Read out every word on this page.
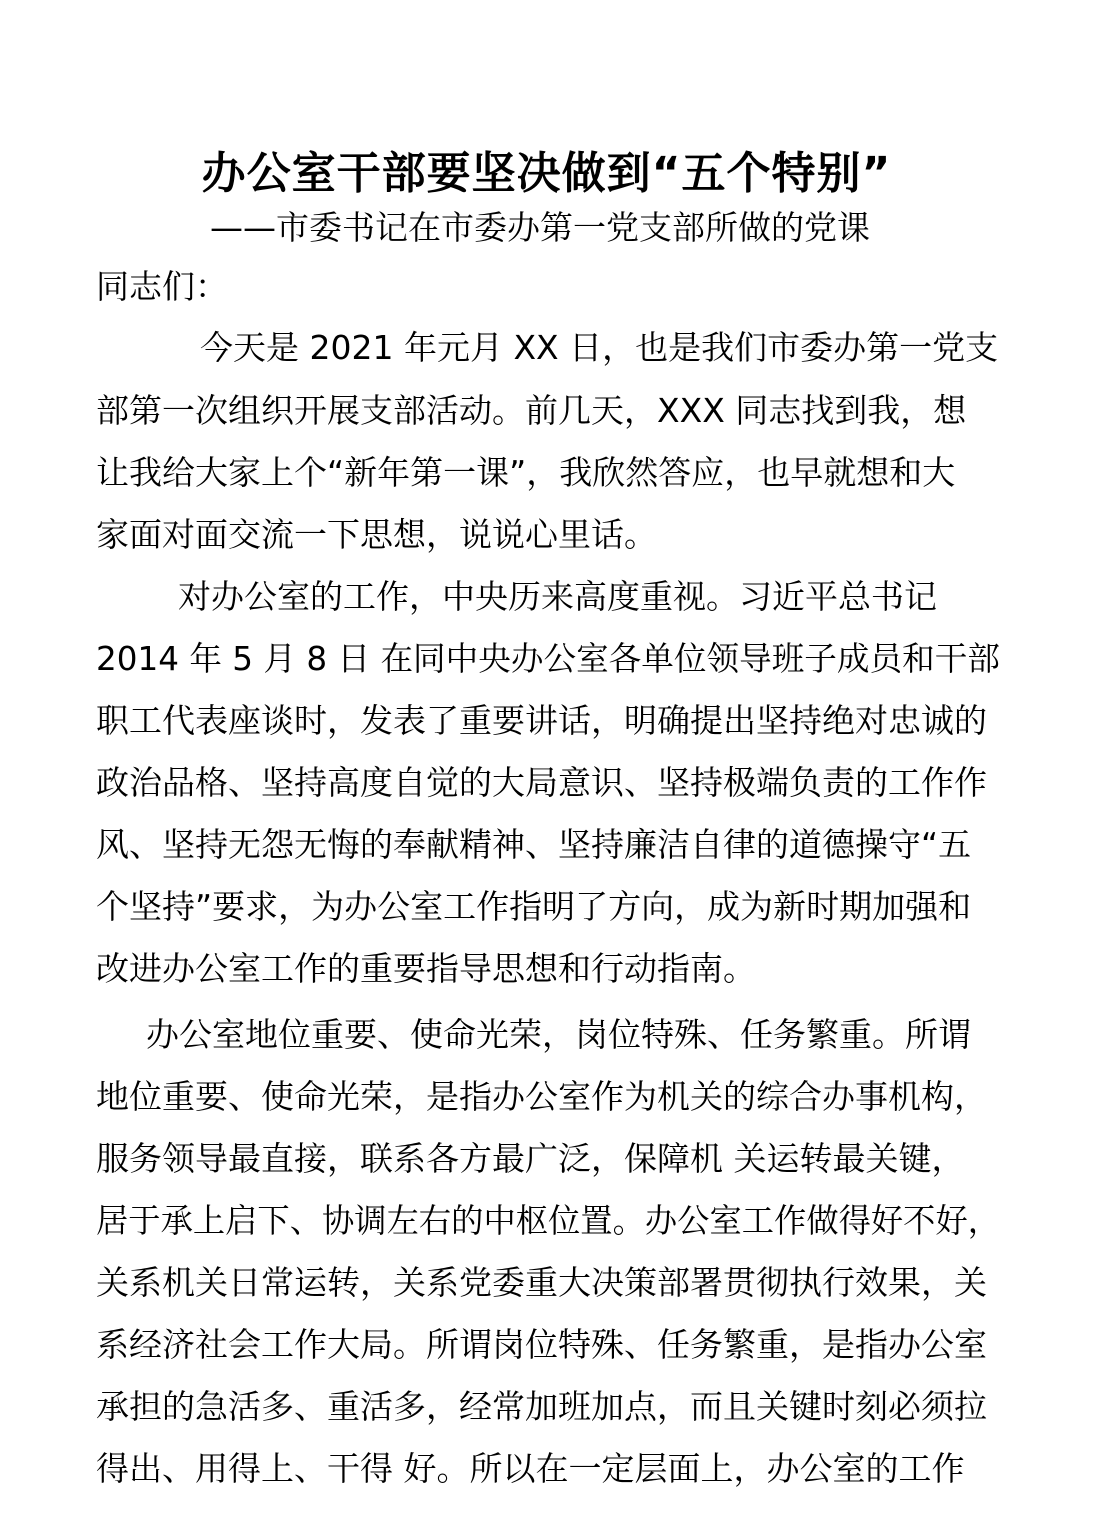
办公室干部要坚决做到“五个特别”
——市委书记在市委办第一党支部所做的党课
同志们：
今天是 2021 年元月 XX 日，也是我们市委办第一党支
部第一次组织开展支部活动。前几天，XXX 同志找到我，想
让我给大家上个“新年第一课”，我欣然答应，也早就想和大
家面对面交流一下思想，说说心里话。
对办公室的工作，中央历来高度重视。习近平总书记
2014 年 5 月 8 日 在同中央办公室各单位领导班子成员和干部
职工代表座谈时，发表了重要讲话，明确提出坚持绝对忠诚的
政治品格、坚持高度自觉的大局意识、坚持极端负责的工作作
风、坚持无怨无悔的奉献精神、坚持廉洁自律的道德操守“五
个坚持”要求，为办公室工作指明了方向，成为新时期加强和
改进办公室工作的重要指导思想和行动指南。
办公室地位重要、使命光荣，岗位特殊、任务繁重。所谓
地位重要、使命光荣，是指办公室作为机关的综合办事机构，
服务领导最直接，联系各方最广泛，保障机 关运转最关键，
居于承上启下、协调左右的中枢位置。办公室工作做得好不好，
关系机关日常运转，关系党委重大决策部署贯彻执行效果，关
系经济社会工作大局。所谓岗位特殊、任务繁重，是指办公室
承担的急活多、重活多，经常加班加点，而且关键时刻必须拉
得出、用得上、干得 好。所以在一定层面上，办公室的工作
